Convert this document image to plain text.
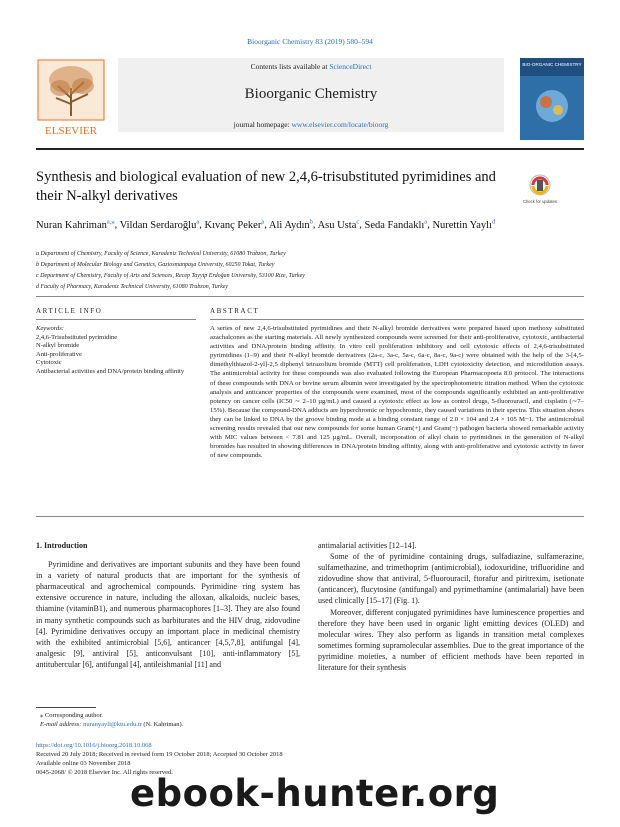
Bioorganic Chemistry 83 (2019) 580–594
ELSEVIER
Contents lists available at ScienceDirect
Bioorganic Chemistry
journal homepage: www.elsevier.com/locate/bioorg
BIO-ORGANIC CHEMISTRY
Synthesis and biological evaluation of new 2,4,6-trisubstituted pyrimidines and their N-alkyl derivatives	Check for updates
Nuran Kahriman$^{a,⁎}$, Vildan Serdaroğlu$^a$, Kıvanç Peker$^a$, Ali Aydın$^b$, Asu Usta$^c$, Seda Fandaklı$^a$, Nurettin Yaylı$^d$
a Department of Chemistry, Faculty of Science, Karadeniz Technical University, 61080 Trabzon, Turkey
b Department of Molecular Biology and Genetics, Gaziosmanpaşa University, 60250 Tokat, Turkey
c Department of Chemistry, Faculty of Arts and Sciences, Recep Tayyip Erdoğan University, 53100 Rize, Turkey
d Faculty of Pharmacy, Karadeniz Technical University, 61080 Trabzon, Turkey
ARTICLE INFO	ABSTRACT
Keywords:
2,4,6-Trisubstituted pyrimidine
N-alkyl bromide
Anti-proliferative
Cytotoxic
Antibacterial activities and DNA/protein binding affinity
A series of new 2,4,6-trisubstituted pyrimidines and their N-alkyl bromide derivatives were prepared based upon methoxy substituted azachalcones as the starting materials. All newly synthesized compounds were screened for their anti-proliferative, cytotoxic, antibacterial activities and DNA/protein binding affinity. In vitro cell proliferation inhibitory and cell cytotoxic effects of 2,4,6-trisubstituted pyrimidines (1–9) and their N-alkyl bromide derivatives (2a-c, 3a-c, 5a-c, 6a-c, 8a-c, 9a-c) were obtained with the help of the 3-[4,5-dimethylthiazol-2-yl]-2,5 diphenyl tetrazolium bromide (MTT) cell proliferation, LDH cytotoxicity detection, and microdilution assays. The antimicrobial activity for these compounds was also evaluated following the European Pharmacopoeia 8.0 protocol. The interactions of these compounds with DNA or bovine serum albumin were investigated by the spectrophotometric titration method. When the cytotoxic analysis and anticancer properties of the compounds were examined, most of the compounds significantly exhibited an anti-proliferative potency on cancer cells (IC50 ∼ 2–10 µg/mL) and caused a cytotoxic effect as low as control drugs, 5-fluorouracil, and cisplatin (∼7–15%). Because the compound-DNA adducts are hyperchromic or hypochromic, they caused variations in their spectra. This situation shows they can be linked to DNA by the groove binding mode at a binding constant range of 2.0 × 104 and 2.4 × 105 M−1. The antimicrobial screening results revealed that our new compounds for some human Gram(+) and Gram(−) pathogen bacteria showed remarkable activity with MIC values between < 7.81 and 125 µg/mL. Overall, incorporation of alkyl chain to pyrimidines in the generation of N-alkyl bromides has resulted in showing differences in DNA/protein binding affinity, along with anti-proliferative and cytotoxic activity in favor of new compounds.
1. Introduction

Pyrimidine and derivatives are important subunits and they have been found in a variety of natural products that are important for the synthesis of pharmaceutical and agrochemical compounds. Pyrimidine ring system has extensive occurence in nature, including the alloxan, alkaloids, nucleic bases, thiamine (vitaminB1), and numerous pharmacophores [1–3]. They are also found in many synthetic compounds such as barbiturates and the HIV drug, zidovudine [4]. Pyrimidine derivatives occupy an important place in medicinal chemistry with the exhibited antimicrobial [5,6], anticancer [4,5,7,8], antifungal [4], analgesic [9], antiviral [5], anticonvulsant [10], anti-inflammatory [5], antitubercular [6], antifungal [4], antileishmanial [11] and

antimalarial activities [12–14].

Some of the of pyrimidine containing drugs, sulfadiazine, sulfamerazine, sulfamethazine, and trimethoprim (antimicrobial), iodoxuridine, trifluoridine and zidovudine show that antiviral, 5-fluorouracil, ftorafur and piritrexim, isetionate (anticancer), flucytosine (antifungal) and pyrimethamine (antimalarial) have been used clinically [15–17] (Fig. 1).

Moreover, different conjugated pyrimidines have luminescence properties and therefore they have been used in organic light emitting devices (OLED) and molecular wires. They also perform as ligands in transition metal complexes sometimes forming supramolecular assemblies. Due to the great importance of the pyrimidine moieties, a number of efficient methods have been reported in literature for their synthesis

⁎ Corresponding author.
E-mail address: nuranyayli@ktu.edu.tr (N. Kahriman).
https://doi.org/10.1016/j.bioorg.2018.10.068
Received 20 July 2018; Received in revised form 19 October 2018; Accepted 30 October 2018
Available online 03 November 2018
0045-2068/ © 2018 Elsevier Inc. All rights reserved.
ebook-hunter.org
